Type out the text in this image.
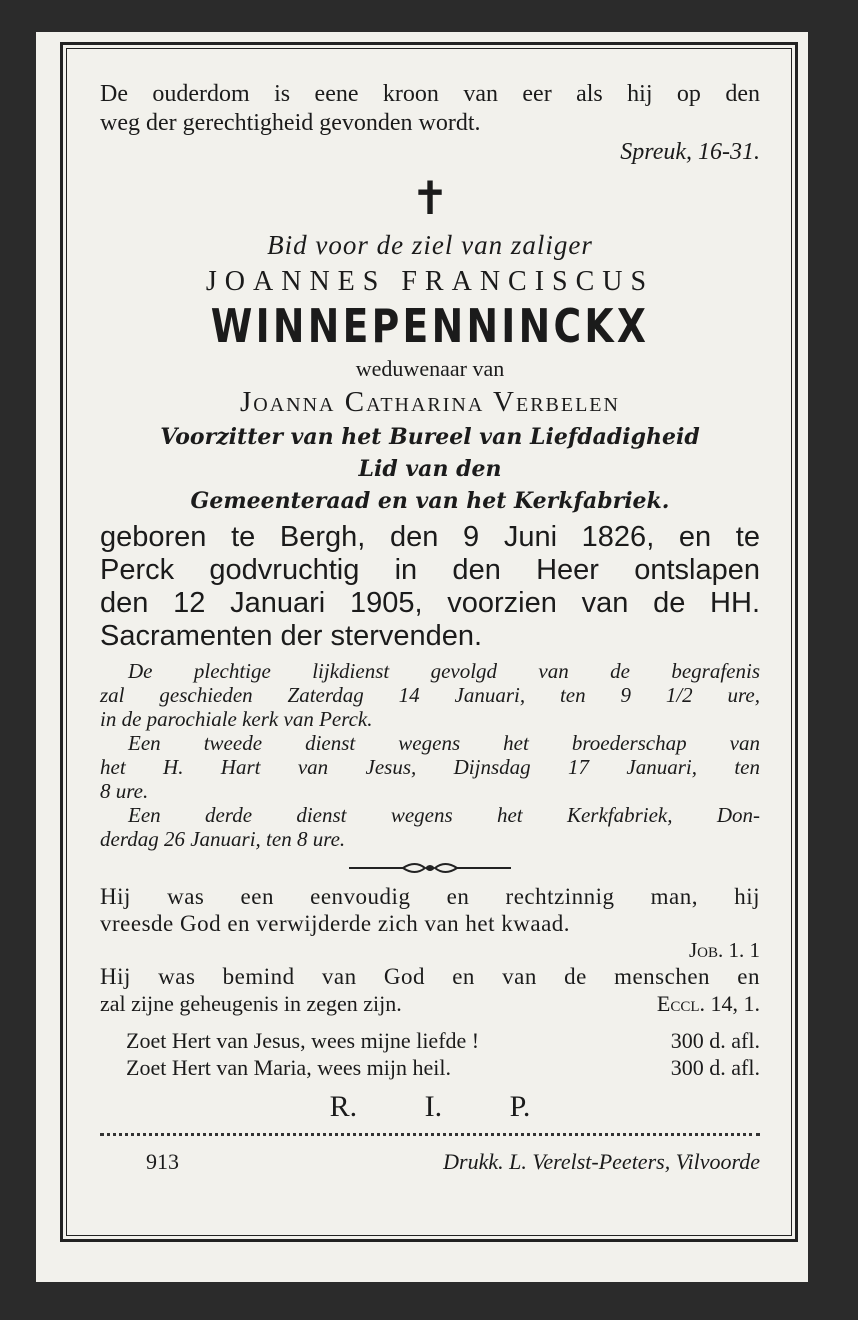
De ouderdom is eene kroon van eer als hij op den
weg der gerechtigheid gevonden wordt.
Spreuk, 16-31.
✝
Bid voor de ziel van zaliger
JOANNES FRANCISCUS
WINNEPENNINCKX
weduwenaar van
Joanna Catharina Verbelen
Voorzitter van het Bureel van Liefdadigheid
Lid van den
Gemeenteraad en van het Kerkfabriek.
geboren te Bergh, den 9 Juni 1826, en te
Perck godvruchtig in den Heer ontslapen
den 12 Januari 1905, voorzien van de HH.
Sacramenten der stervenden.
De plechtige lijkdienst gevolgd van de begrafenis
zal geschieden Zaterdag 14 Januari, ten 9 1/2 ure,
in de parochiale kerk van Perck.
Een tweede dienst wegens het broederschap van
het H. Hart van Jesus, Dijnsdag 17 Januari, ten
8 ure.
Een derde dienst wegens het Kerkfabriek, Don-
derdag 26 Januari, ten 8 ure.
Hij was een eenvoudig en rechtzinnig man, hij
vreesde God en verwijderde zich van het kwaad.
Job. 1. 1
Hij was bemind van God en van de menschen en
zal zijne geheugenis in zegen zijn.	Eccl. 14, 1.
Zoet Hert van Jesus, wees mijne liefde !	300 d. afl.
Zoet Hert van Maria, wees mijn heil.	300 d. afl.
R. I. P.
913	Drukk. L. Verelst-Peeters, Vilvoorde
